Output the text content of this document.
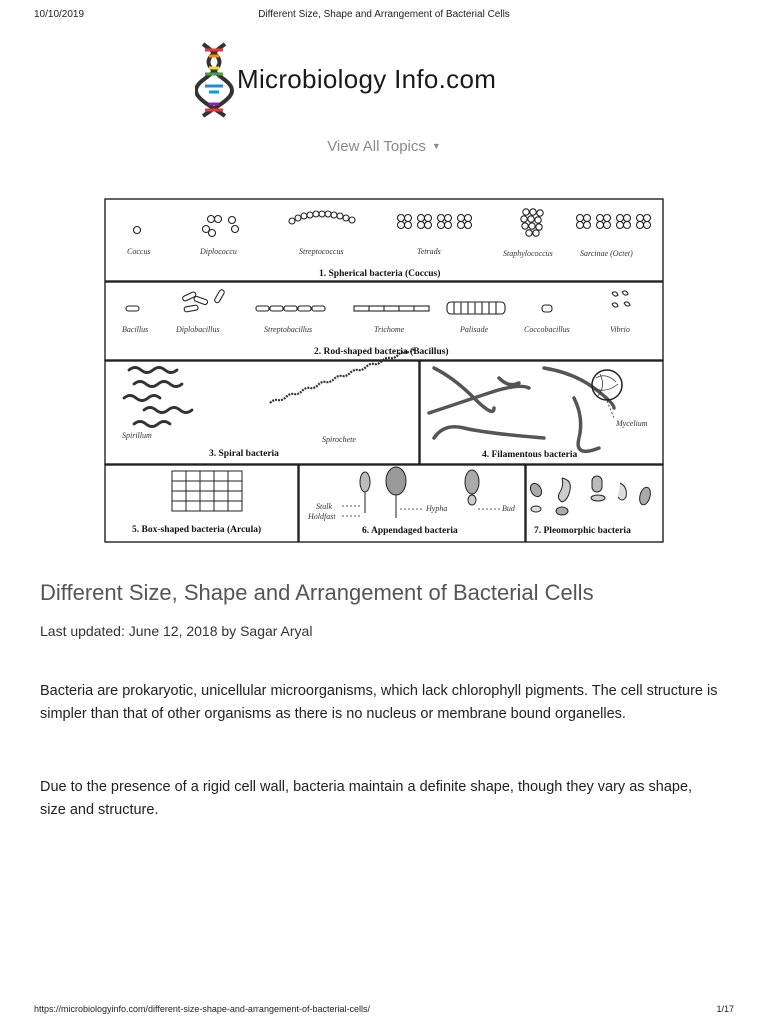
10/10/2019	Different Size, Shape and Arrangement of Bacterial Cells
Microbiology Info.com
View All Topics ▼
Coccus	Diplococcu	Streptococcus	Tetrads	Staphylococcus	Sarcinae (Octet)
1. Spherical bacteria (Coccus)
Bacillus	Diplobacillus	Streptobacillus	Trichome	Palisade	Coccobacillus	Vibrio
2. Rod-shaped bacteria (Bacillus)
Spirillum	Spirochete
3. Spiral bacteria
Mycelium
4. Filamentous bacteria
5. Box-shaped bacteria (Arcula)
Stalk
Holdfast
Hypha	Bud
6. Appendaged bacteria	7. Pleomorphic bacteria
Different Size, Shape and Arrangement of Bacterial Cells
Last updated: June 12, 2018 by Sagar Aryal

Bacteria are prokaryotic, unicellular microorganisms, which lack chlorophyll pigments. The cell structure is simpler than that of other organisms as there is no nucleus or membrane bound organelles.

Due to the presence of a rigid cell wall, bacteria maintain a definite shape, though they vary as shape, size and structure.

https://microbiologyinfo.com/different-size-shape-and-arrangement-of-bacterial-cells/	1/17
